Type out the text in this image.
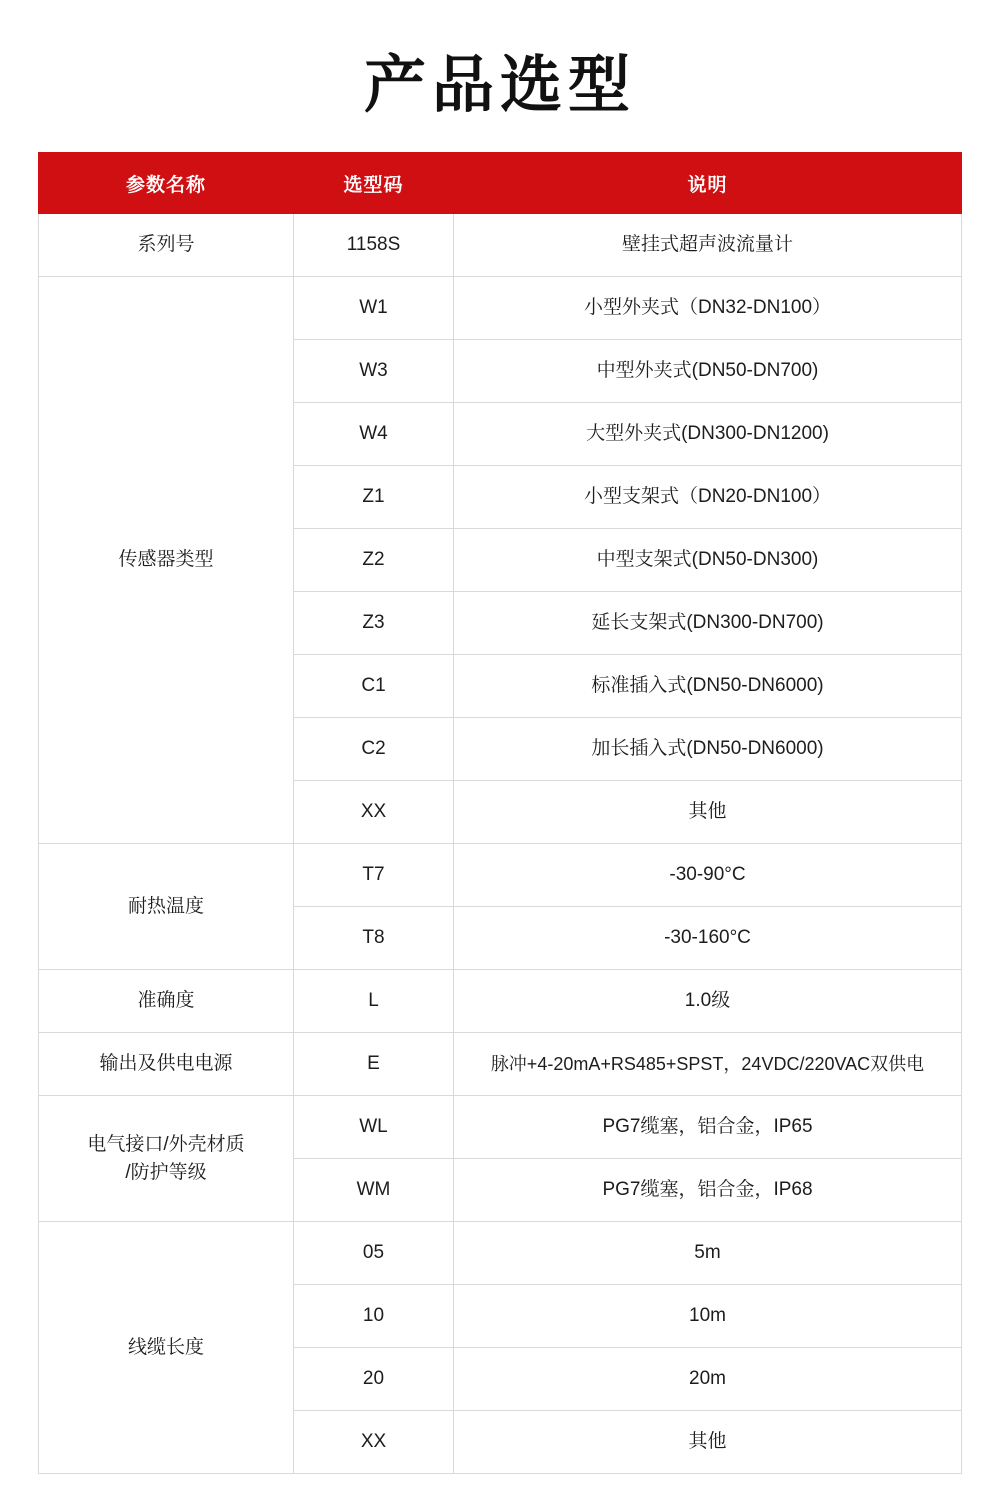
产品选型
参数名称	选型码	说明
系列号	1158S	壁挂式超声波流量计
传感器类型	W1	小型外夹式（DN32-DN100）
	W3	中型外夹式(DN50-DN700)
	W4	大型外夹式(DN300-DN1200)
	Z1	小型支架式（DN20-DN100）
	Z2	中型支架式(DN50-DN300)
	Z3	延长支架式(DN300-DN700)
	C1	标准插入式(DN50-DN6000)
	C2	加长插入式(DN50-DN6000)
	XX	其他
耐热温度	T7	-30-90°C
	T8	-30-160°C
准确度	L	1.0级
输出及供电电源	E	脉冲+4-20mA+RS485+SPST，24VDC/220VAC双供电
电气接口/外壳材质
/防护等级	WL	PG7缆塞，铝合金，IP65
	WM	PG7缆塞，铝合金，IP68
线缆长度	05	5m
	10	10m
	20	20m
	XX	其他
